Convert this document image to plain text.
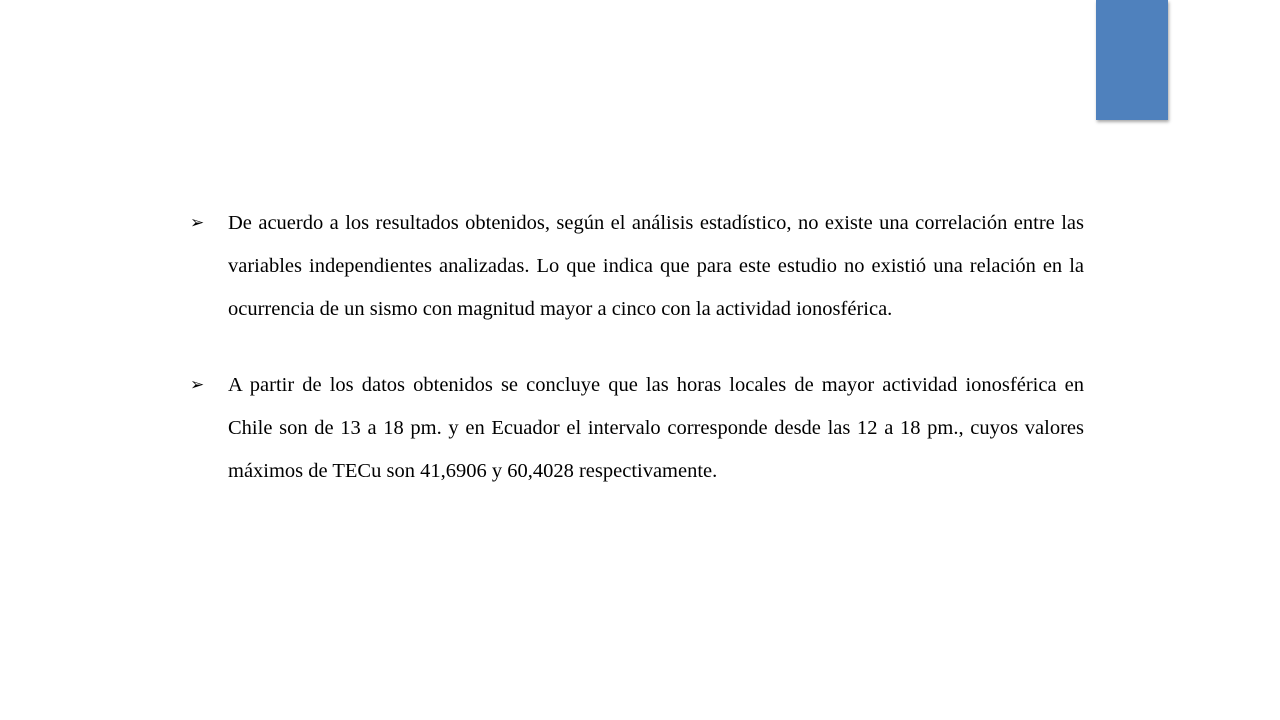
➢	De acuerdo a los resultados obtenidos, según el análisis estadístico, no existe una correlación entre las variables independientes analizadas. Lo que indica que para este estudio no existió una relación en la ocurrencia de un sismo con magnitud mayor a cinco con la actividad ionosférica.

➢	A partir de los datos obtenidos se concluye que las horas locales de mayor actividad ionosférica en Chile son de 13 a 18 pm. y en Ecuador el intervalo corresponde desde las 12 a 18 pm., cuyos valores máximos de TECu son 41,6906 y 60,4028 respectivamente.
